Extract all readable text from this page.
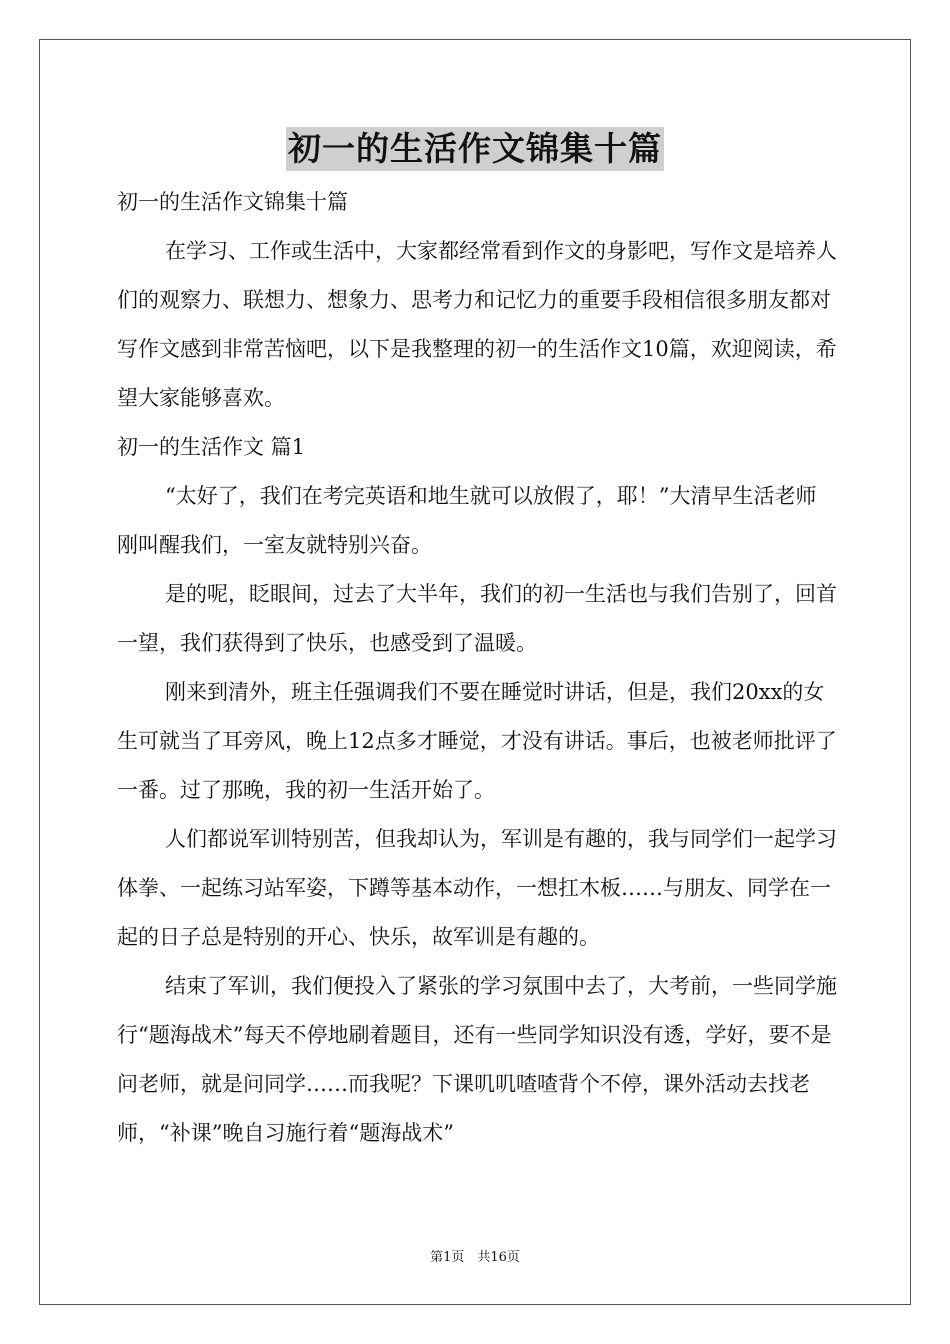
初一的生活作文锦集十篇

初一的生活作文锦集十篇

在学习、工作或生活中，大家都经常看到作文的身影吧，写作文是培养人们的观察力、联想力、想象力、思考力和记忆力的重要手段相信很多朋友都对写作文感到非常苦恼吧，以下是我整理的初一的生活作文10篇，欢迎阅读，希望大家能够喜欢。

初一的生活作文 篇1

“太好了，我们在考完英语和地生就可以放假了，耶！”大清早生活老师刚叫醒我们，一室友就特别兴奋。

是的呢，眨眼间，过去了大半年，我们的初一生活也与我们告别了，回首一望，我们获得到了快乐，也感受到了温暖。

刚来到清外，班主任强调我们不要在睡觉时讲话，但是，我们20xx的女生可就当了耳旁风，晚上12点多才睡觉，才没有讲话。事后，也被老师批评了一番。过了那晚，我的初一生活开始了。

人们都说军训特别苦，但我却认为，军训是有趣的，我与同学们一起学习体拳、一起练习站军姿，下蹲等基本动作，一想扛木板……与朋友、同学在一起的日子总是特别的开心、快乐，故军训是有趣的。

结束了军训，我们便投入了紧张的学习氛围中去了，大考前，一些同学施行“题海战术”每天不停地刷着题目，还有一些同学知识没有透，学好，要不是问老师，就是问同学……而我呢？下课叽叽喳喳背个不停，课外活动去找老师，“补课”晚自习施行着“题海战术”

第1页　共16页
